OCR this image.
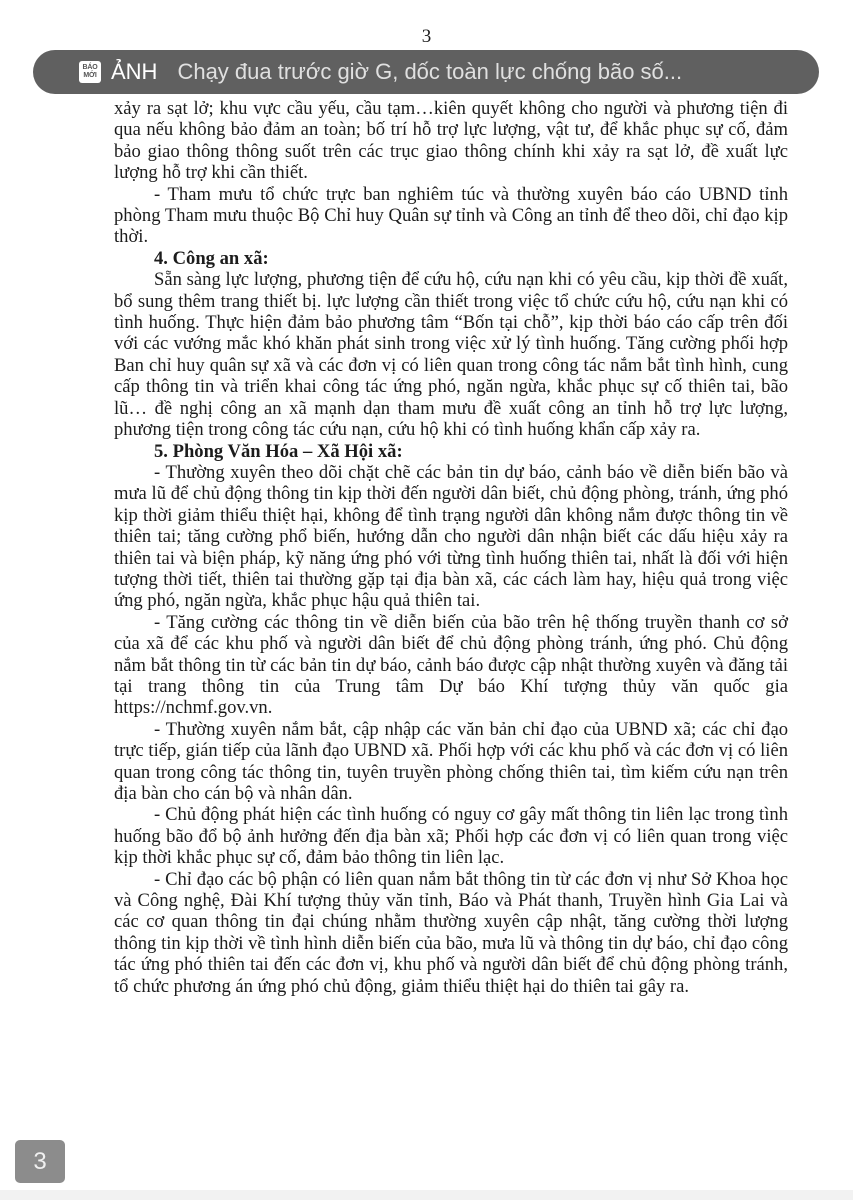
3
BÁO
MỚI ẢNH Chạy đua trước giờ G, dốc toàn lực chống bão số...

xảy ra sạt lở; khu vực cầu yếu, cầu tạm…kiên quyết không cho người và phương tiện đi qua nếu không bảo đảm an toàn; bố trí hỗ trợ lực lượng, vật tư, để khắc phục sự cố, đảm bảo giao thông thông suốt trên các trục giao thông chính khi xảy ra sạt lở, đề xuất lực lượng hỗ trợ khi cần thiết.

- Tham mưu tổ chức trực ban nghiêm túc và thường xuyên báo cáo UBND tỉnh phòng Tham mưu thuộc Bộ Chỉ huy Quân sự tỉnh và Công an tỉnh để theo dõi, chỉ đạo kịp thời.

4. Công an xã:

Sẵn sàng lực lượng, phương tiện để cứu hộ, cứu nạn khi có yêu cầu, kịp thời đề xuất, bổ sung thêm trang thiết bị. lực lượng cần thiết trong việc tổ chức cứu hộ, cứu nạn khi có tình huống. Thực hiện đảm bảo phương tâm “Bốn tại chỗ”, kịp thời báo cáo cấp trên đối với các vướng mắc khó khăn phát sinh trong việc xử lý tình huống. Tăng cường phối hợp Ban chỉ huy quân sự xã và các đơn vị có liên quan trong công tác nắm bắt tình hình, cung cấp thông tin và triển khai công tác ứng phó, ngăn ngừa, khắc phục sự cố thiên tai, bão lũ… đề nghị công an xã mạnh dạn tham mưu đề xuất công an tỉnh hỗ trợ lực lượng, phương tiện trong công tác cứu nạn, cứu hộ khi có tình huống khẩn cấp xảy ra.

5. Phòng Văn Hóa – Xã Hội xã:

- Thường xuyên theo dõi chặt chẽ các bản tin dự báo, cảnh báo về diễn biến bão và mưa lũ để chủ động thông tin kịp thời đến người dân biết, chủ động phòng, tránh, ứng phó kịp thời giảm thiểu thiệt hại, không để tình trạng người dân không nắm được thông tin về thiên tai; tăng cường phổ biến, hướng dẫn cho người dân nhận biết các dấu hiệu xảy ra thiên tai và biện pháp, kỹ năng ứng phó với từng tình huống thiên tai, nhất là đối với hiện tượng thời tiết, thiên tai thường gặp tại địa bàn xã, các cách làm hay, hiệu quả trong việc ứng phó, ngăn ngừa, khắc phục hậu quả thiên tai.

- Tăng cường các thông tin về diễn biến của bão trên hệ thống truyền thanh cơ sở của xã để các khu phố và người dân biết để chủ động phòng tránh, ứng phó. Chủ động nắm bắt thông tin từ các bản tin dự báo, cảnh báo được cập nhật thường xuyên và đăng tải tại trang thông tin của Trung tâm Dự báo Khí tượng thủy văn quốc gia https://nchmf.gov.vn.

- Thường xuyên nắm bắt, cập nhập các văn bản chỉ đạo của UBND xã; các chỉ đạo trực tiếp, gián tiếp của lãnh đạo UBND xã. Phối hợp với các khu phố và các đơn vị có liên quan trong công tác thông tin, tuyên truyền phòng chống thiên tai, tìm kiếm cứu nạn trên địa bàn cho cán bộ và nhân dân.

- Chủ động phát hiện các tình huống có nguy cơ gây mất thông tin liên lạc trong tình huống bão đổ bộ ảnh hưởng đến địa bàn xã; Phối hợp các đơn vị có liên quan trong việc kịp thời khắc phục sự cố, đảm bảo thông tin liên lạc.

- Chỉ đạo các bộ phận có liên quan nắm bắt thông tin từ các đơn vị như Sở Khoa học và Công nghệ, Đài Khí tượng thủy văn tỉnh, Báo và Phát thanh, Truyền hình Gia Lai và các cơ quan thông tin đại chúng nhằm thường xuyên cập nhật, tăng cường thời lượng thông tin kịp thời về tình hình diễn biến của bão, mưa lũ và thông tin dự báo, chỉ đạo công tác ứng phó thiên tai đến các đơn vị, khu phố và người dân biết để chủ động phòng tránh, tổ chức phương án ứng phó chủ động, giảm thiểu thiệt hại do thiên tai gây ra.

3
